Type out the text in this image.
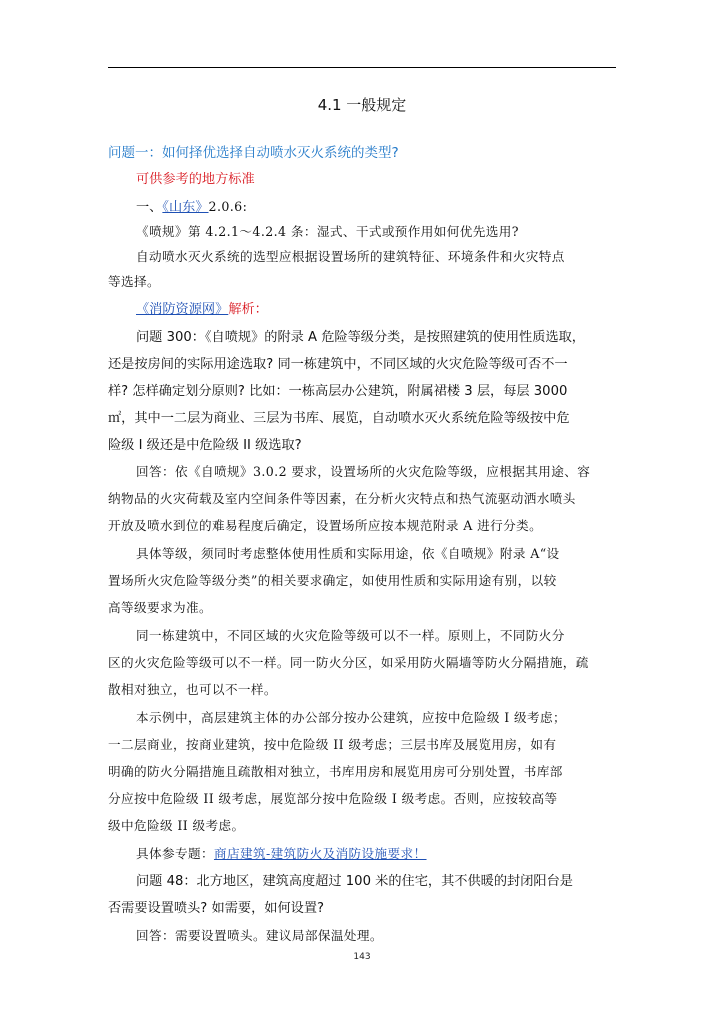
4.1 一般规定
问题一：如何择优选择自动喷水灭火系统的类型?
可供参考的地方标准
一、《山东》2.0.6:
《喷规》第 4.2.1～4.2.4 条：湿式、干式或预作用如何优先选用?
自动喷水灭火系统的选型应根据设置场所的建筑特征、环境条件和火灾特点
等选择。
《消防资源网》解析：
问题 300：《自喷规》的附录 A 危险等级分类，是按照建筑的使用性质选取，
还是按房间的实际用途选取? 同一栋建筑中，不同区域的火灾危险等级可否不一
样? 怎样确定划分原则? 比如：一栋高层办公建筑，附属裙楼 3 层，每层 3000
㎡，其中一二层为商业、三层为书库、展览，自动喷水灭火系统危险等级按中危
险级 I 级还是中危险级 II 级选取?
回答：依《自喷规》3.0.2 要求，设置场所的火灾危险等级，应根据其用途、容
纳物品的火灾荷载及室内空间条件等因素，在分析火灾特点和热气流驱动洒水喷头
开放及喷水到位的难易程度后确定，设置场所应按本规范附录 A 进行分类。
具体等级，须同时考虑整体使用性质和实际用途，依《自喷规》附录 A“设
置场所火灾危险等级分类”的相关要求确定，如使用性质和实际用途有别，以较
高等级要求为准。
同一栋建筑中，不同区域的火灾危险等级可以不一样。原则上，不同防火分
区的火灾危险等级可以不一样。同一防火分区，如采用防火隔墙等防火分隔措施，疏
散相对独立，也可以不一样。
本示例中，高层建筑主体的办公部分按办公建筑，应按中危险级 I 级考虑；
一二层商业，按商业建筑，按中危险级 II 级考虑；三层书库及展览用房，如有
明确的防火分隔措施且疏散相对独立，书库用房和展览用房可分别处置，书库部
分应按中危险级 II 级考虑，展览部分按中危险级 I 级考虑。否则，应按较高等
级中危险级 II 级考虑。
具体参专题：商店建筑-建筑防火及消防设施要求！
问题 48：北方地区，建筑高度超过 100 米的住宅，其不供暖的封闭阳台是
否需要设置喷头? 如需要，如何设置?
回答：需要设置喷头。建议局部保温处理。
143
